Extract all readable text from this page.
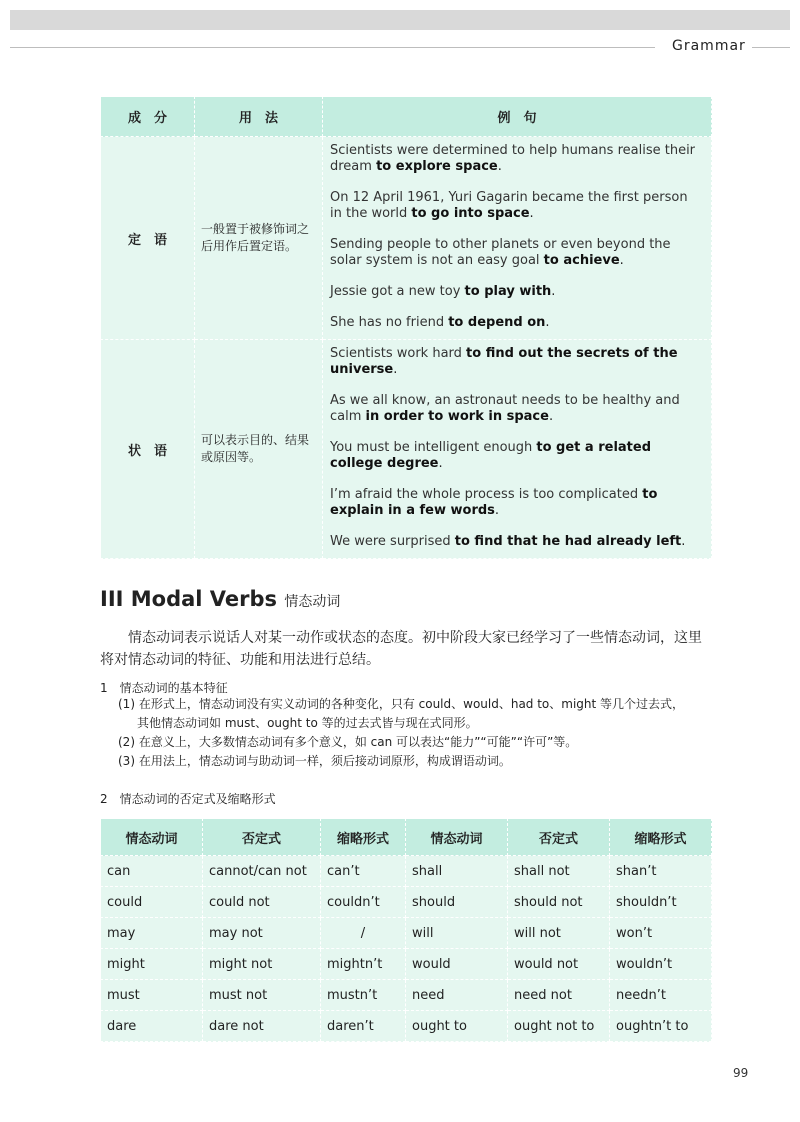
Grammar
成　分	用　法	例　句
定　语	一般置于被修饰词之后用作后置定语。	Scientists were determined to help humans realise their dream to explore space.

On 12 April 1961, Yuri Gagarin became the first person in the world to go into space.

Sending people to other planets or even beyond the solar system is not an easy goal to achieve.

Jessie got a new toy to play with.

She has no friend to depend on.

状　语	可以表示目的、结果或原因等。	Scientists work hard to find out the secrets of the universe.

As we all know, an astronaut needs to be healthy and calm in order to work in space.

You must be intelligent enough to get a related college degree.

I’m afraid the whole process is too complicated to explain in a few words.

We were surprised to find that he had already left.

III Modal Verbs 情态动词
情态动词表示说话人对某一动作或状态的态度。初中阶段大家已经学习了一些情态动词，这里将对情态动词的特征、功能和用法进行总结。
1　情态动词的基本特征
(1) 在形式上，情态动词没有实义动词的各种变化，只有 could、would、had to、might 等几个过去式，
其他情态动词如 must、ought to 等的过去式皆与现在式同形。
(2) 在意义上，大多数情态动词有多个意义，如 can 可以表达“能力”“可能”“许可”等。
(3) 在用法上，情态动词与助动词一样，须后接动词原形，构成谓语动词。
2　情态动词的否定式及缩略形式
情态动词	否定式	缩略形式	情态动词	否定式	缩略形式
can	cannot/can not	can’t	shall	shall not	shan’t
could	could not	couldn’t	should	should not	shouldn’t
may	may not	/	will	will not	won’t
might	might not	mightn’t	would	would not	wouldn’t
must	must not	mustn’t	need	need not	needn’t
dare	dare not	daren’t	ought to	ought not to	oughtn’t to
99
